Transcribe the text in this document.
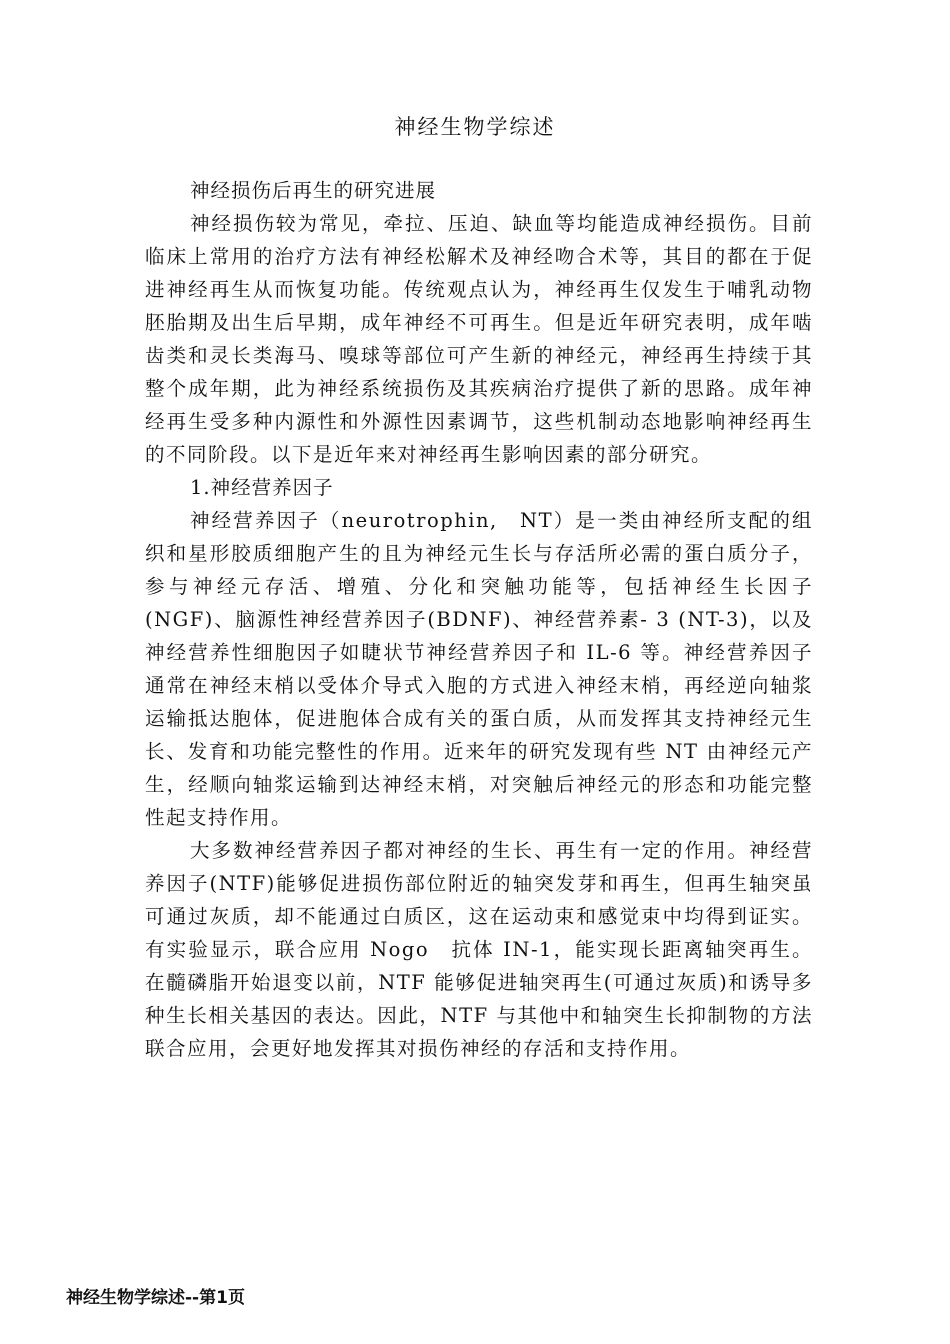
神经生物学综述

神经损伤后再生的研究进展

神经损伤较为常见，牵拉、压迫、缺血等均能造成神经损伤。目前临床上常用的治疗方法有神经松解术及神经吻合术等，其目的都在于促进神经再生从而恢复功能。传统观点认为，神经再生仅发生于哺乳动物胚胎期及出生后早期，成年神经不可再生。但是近年研究表明，成年啮齿类和灵长类海马、嗅球等部位可产生新的神经元，神经再生持续于其整个成年期，此为神经系统损伤及其疾病治疗提供了新的思路。成年神经再生受多种内源性和外源性因素调节，这些机制动态地影响神经再生的不同阶段。以下是近年来对神经再生影响因素的部分研究。

1.神经营养因子

神经营养因子（neurotrophin,　NT）是一类由神经所支配的组织和星形胶质细胞产生的且为神经元生长与存活所必需的蛋白质分子，参与神经元存活、增殖、分化和突触功能等，包括神经生长因子(NGF)、脑源性神经营养因子(BDNF)、神经营养素- 3 (NT-3)，以及神经营养性细胞因子如睫状节神经营养因子和 IL-6 等。神经营养因子通常在神经末梢以受体介导式入胞的方式进入神经末梢，再经逆向轴浆运输抵达胞体，促进胞体合成有关的蛋白质，从而发挥其支持神经元生长、发育和功能完整性的作用。近来年的研究发现有些 NT 由神经元产生，经顺向轴浆运输到达神经末梢，对突触后神经元的形态和功能完整性起支持作用。

大多数神经营养因子都对神经的生长、再生有一定的作用。神经营养因子(NTF)能够促进损伤部位附近的轴突发芽和再生，但再生轴突虽可通过灰质，却不能通过白质区，这在运动束和感觉束中均得到证实。有实验显示，联合应用 Nogo　抗体 IN-1，能实现长距离轴突再生。在髓磷脂开始退变以前，NTF 能够促进轴突再生(可通过灰质)和诱导多种生长相关基因的表达。因此，NTF 与其他中和轴突生长抑制物的方法联合应用，会更好地发挥其对损伤神经的存活和支持作用。

神经生物学综述--第1页
